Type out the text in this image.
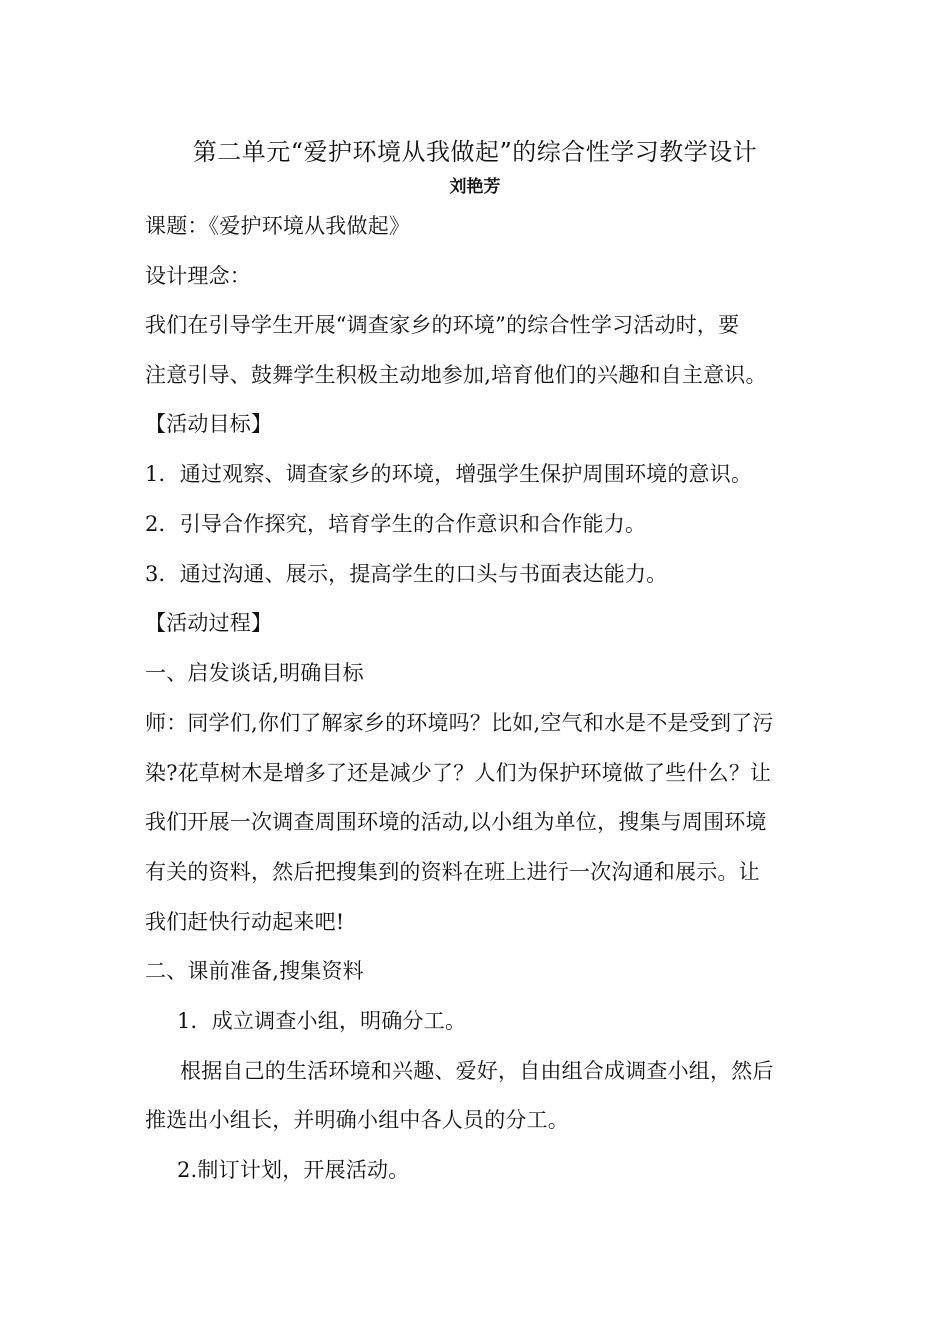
第二单元“爱护环境从我做起”的综合性学习教学设计
刘艳芳
课题：《爱护环境从我做起》
设计理念：
我们在引导学生开展“调查家乡的环境”的综合性学习活动时，要
注意引导、鼓舞学生积极主动地参加,培育他们的兴趣和自主意识。
【活动目标】
1．通过观察、调查家乡的环境，增强学生保护周围环境的意识。
2．引导合作探究，培育学生的合作意识和合作能力。
3．通过沟通、展示，提高学生的口头与书面表达能力。
【活动过程】
一、启发谈话,明确目标
师：同学们,你们了解家乡的环境吗？比如,空气和水是不是受到了污
染?花草树木是增多了还是减少了？人们为保护环境做了些什么？让
我们开展一次调查周围环境的活动,以小组为单位，搜集与周围环境
有关的资料，然后把搜集到的资料在班上进行一次沟通和展示。让
我们赶快行动起来吧!
二、课前准备,搜集资料
1．成立调查小组，明确分工。
根据自己的生活环境和兴趣、爱好，自由组合成调查小组，然后
推选出小组长，并明确小组中各人员的分工。
2.制订计划，开展活动。
